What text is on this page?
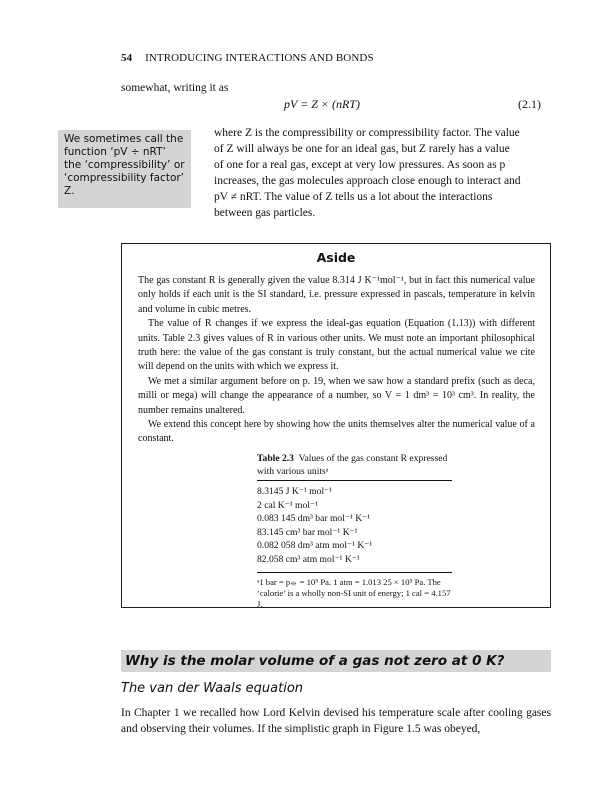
54 INTRODUCING INTERACTIONS AND BONDS
somewhat, writing it as
pV = Z × (nRT)	(2.1)
We sometimes call the function ‘pV ÷ nRT’ the ‘compressibility’ or ‘compressibility factor’ Z.
where Z is the compressibility or compressibility factor. The value
of Z will always be one for an ideal gas, but Z rarely has a value
of one for a real gas, except at very low pressures. As soon as p
increases, the gas molecules approach close enough to interact and
pV ≠ nRT. The value of Z tells us a lot about the interactions
between gas particles.
Aside

The gas constant R is generally given the value 8.314 J K⁻¹mol⁻¹, but in fact this numerical value only holds if each unit is the SI standard, i.e. pressure expressed in pascals, temperature in kelvin and volume in cubic metres.

The value of R changes if we express the ideal-gas equation (Equation (1.13)) with different units. Table 2.3 gives values of R in various other units. We must note an important philosophical truth here: the value of the gas constant is truly constant, but the actual numerical value we cite will depend on the units with which we express it.

We met a similar argument before on p. 19, when we saw how a standard prefix (such as deca, milli or mega) will change the appearance of a number, so V = 1 dm³ = 10³ cm³. In reality, the number remains unaltered.

We extend this concept here by showing how the units themselves alter the numerical value of a constant.

Table 2.3 Values of the gas constant R expressed with various unitsᵃ
8.3145 J K⁻¹ mol⁻¹
2 cal K⁻¹ mol⁻¹
0.083 145 dm³ bar mol⁻¹ K⁻¹
83.145 cm³ bar mol⁻¹ K⁻¹
0.082 058 dm³ atm mol⁻¹ K⁻¹
82.058 cm³ atm mol⁻¹ K⁻¹
ᵃ1 bar = p⦵ = 10⁵ Pa. 1 atm = 1.013 25 × 10⁵ Pa. The ‘calorie’ is a wholly non-SI unit of energy; 1 cal = 4.157 J.
Why is the molar volume of a gas not zero at 0 K?
The van der Waals equation
In Chapter 1 we recalled how Lord Kelvin devised his temperature scale after cooling gases and observing their volumes. If the simplistic graph in Figure 1.5 was obeyed,
